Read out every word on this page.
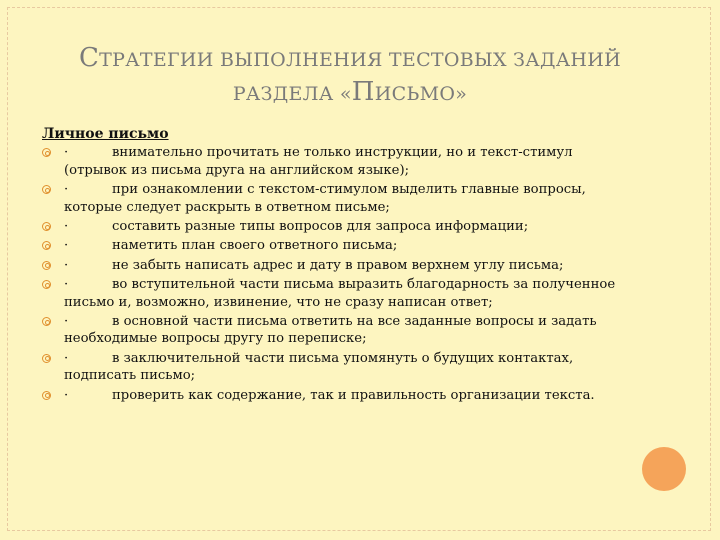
СТРАТЕГИИ ВЫПОЛНЕНИЯ ТЕСТОВЫХ ЗАДАНИЙ
РАЗДЕЛА «ПИСЬМО»
Личное письмо
·	внимательно прочитать не только инструкции, но и текст-стимул (отрывок из письма друга на английском языке);
·	при ознакомлении с текстом-стимулом выделить главные вопросы, которые следует раскрыть в ответном письме;
·	составить разные типы вопросов для запроса информации;
·	наметить план своего ответного письма;
·	не забыть написать адрес и дату в правом верхнем углу письма;
·	во вступительной части письма выразить благодарность за полученное письмо и, возможно, извинение, что не сразу написан ответ;
·	в основной части письма ответить на все заданные вопросы и задать необходимые вопросы другу по переписке;
·	в заключительной части письма упомянуть о будущих контактах, подписать письмо;
·	проверить как содержание, так и правильность организации текста.
